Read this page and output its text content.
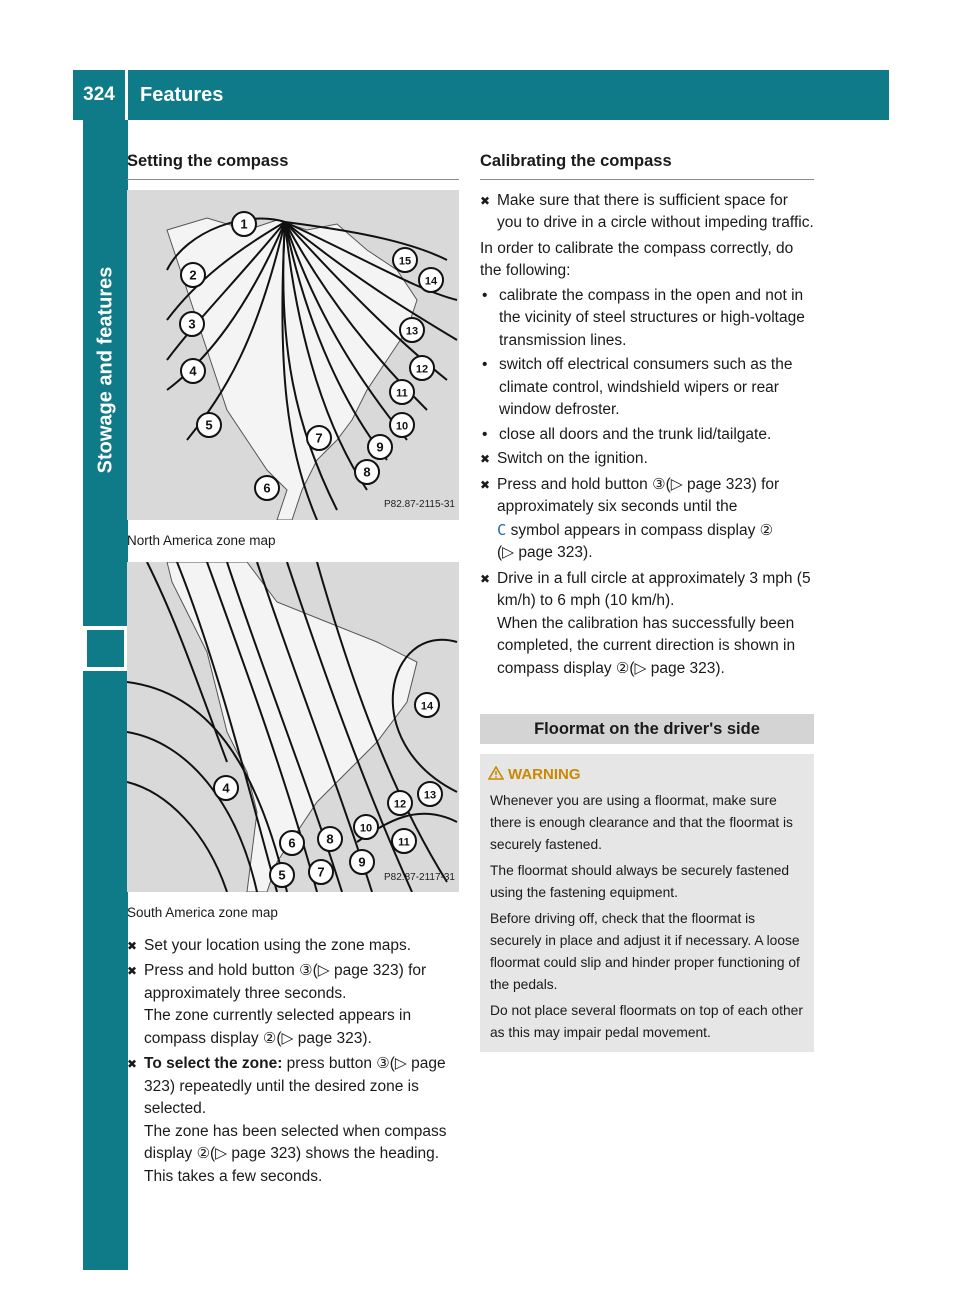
324	Features
Stowage and features
Setting the compass
1
2
3
4
5
6
7
8
9
10
11
12
13
14
15
P82.87-2115-31
North America zone map
4
5
6
7
8
9
10
11
12
13
14
P82.87-2117-31
South America zone map
✖ Set your location using the zone maps.
✖ Press and hold button ③(▷ page 323) for approximately three seconds.
The zone currently selected appears in compass display ②(▷ page 323).
✖ To select the zone: press button ③(▷ page 323) repeatedly until the desired zone is selected.
The zone has been selected when compass display ②(▷ page 323) shows the heading.
This takes a few seconds.
Calibrating the compass
✖ Make sure that there is sufficient space for you to drive in a circle without impeding traffic.
In order to calibrate the compass correctly, do the following:
• calibrate the compass in the open and not in the vicinity of steel structures or high-voltage transmission lines.
• switch off electrical consumers such as the climate control, windshield wipers or rear window defroster.
• close all doors and the trunk lid/tailgate.
✖ Switch on the ignition.
✖ Press and hold button ③(▷ page 323) for approximately six seconds until the
C symbol appears in compass display ②
(▷ page 323).
✖ Drive in a full circle at approximately 3 mph (5 km/h) to 6 mph (10 km/h).
When the calibration has successfully been completed, the current direction is shown in compass display ②(▷ page 323).
Floormat on the driver's side
WARNING

Whenever you are using a floormat, make sure there is enough clearance and that the floormat is securely fastened.

The floormat should always be securely fastened using the fastening equipment.

Before driving off, check that the floormat is securely in place and adjust it if necessary. A loose floormat could slip and hinder proper functioning of the pedals.

Do not place several floormats on top of each other as this may impair pedal movement.
